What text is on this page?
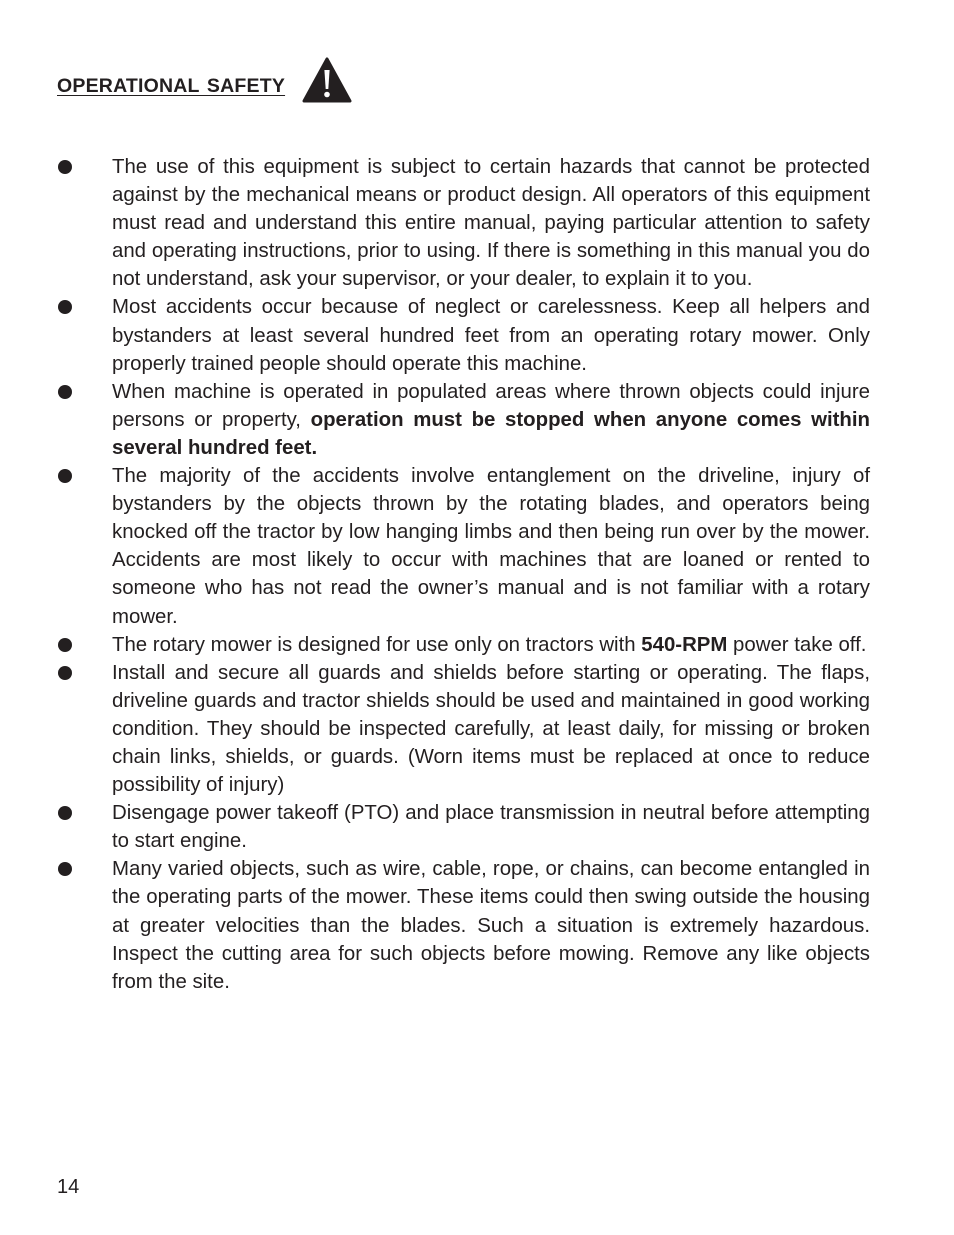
OPERATIONAL SAFETY
The use of this equipment is subject to certain hazards that cannot be protected against by the mechanical means or product design. All operators of this equipment must read and understand this entire manual, paying particular attention to safety and operating instructions, prior to using. If there is something in this manual you do not understand, ask your supervisor, or your dealer, to explain it to you.
Most accidents occur because of neglect or carelessness. Keep all helpers and bystanders at least several hundred feet from an operating rotary mower. Only properly trained people should operate this machine.
When machine is operated in populated areas where thrown objects could injure persons or property, operation must be stopped when anyone comes within several hundred feet.
The majority of the accidents involve entanglement on the driveline, injury of bystanders by the objects thrown by the rotating blades, and operators being knocked off the tractor by low hanging limbs and then being run over by the mower. Accidents are most likely to occur with machines that are loaned or rented to someone who has not read the owner’s manual and is not familiar with a rotary mower.
The rotary mower is designed for use only on tractors with 540-RPM power take off.
Install and secure all guards and shields before starting or operating. The flaps, driveline guards and tractor shields should be used and maintained in good working condition. They should be inspected carefully, at least daily, for missing or broken chain links, shields, or guards. (Worn items must be replaced at once to reduce possibility of injury)
Disengage power takeoff (PTO) and place transmission in neutral before attempting to start engine.
Many varied objects, such as wire, cable, rope, or chains, can become entangled in the operating parts of the mower. These items could then swing outside the housing at greater velocities than the blades. Such a situation is extremely hazardous. Inspect the cutting area for such objects before mowing. Remove any like objects from the site.
14
